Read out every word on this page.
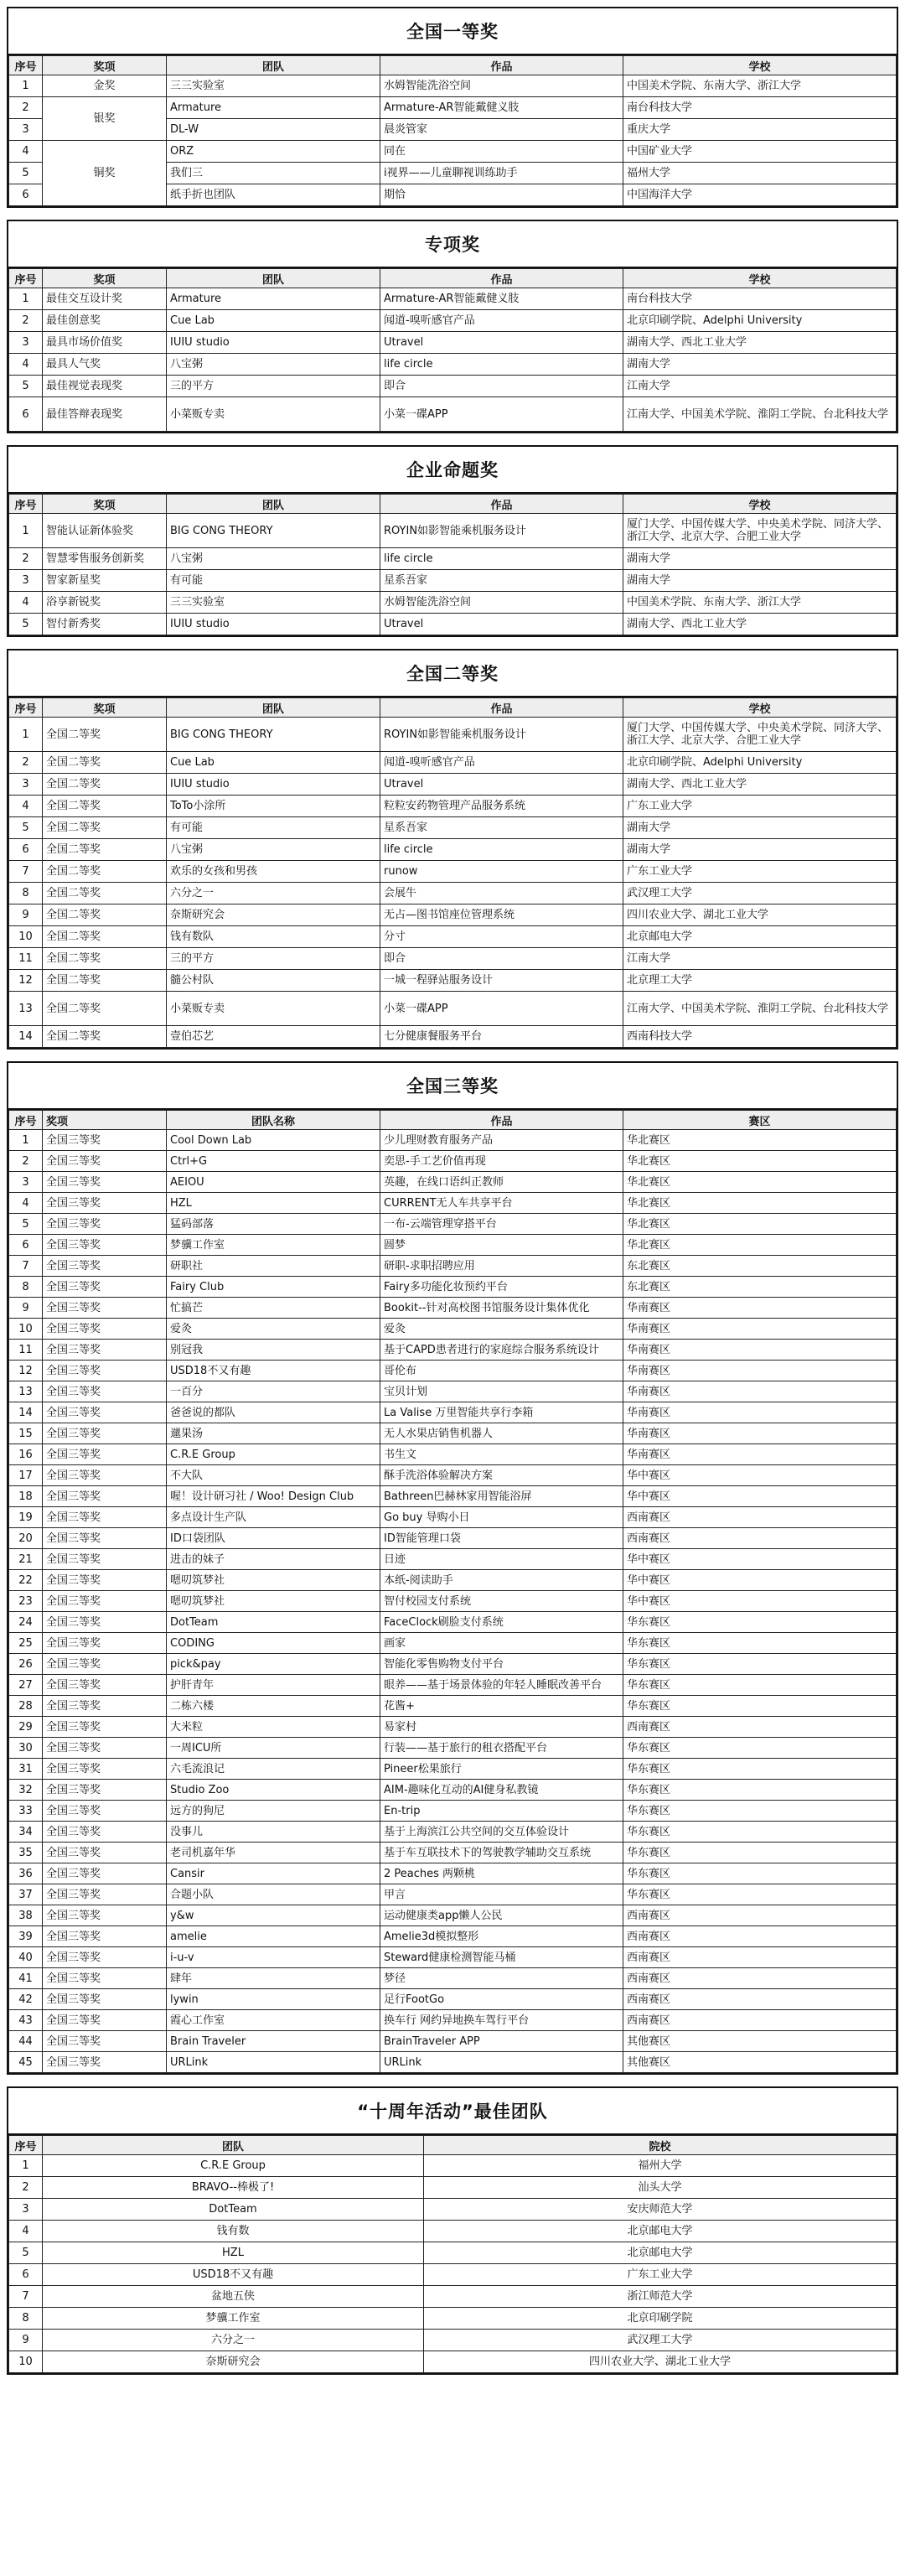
全国一等奖
序号	奖项	团队	作品	学校
1	金奖	三三实验室	水姆智能洗浴空间	中国美术学院、东南大学、浙江大学
2	银奖	Armature	Armature-AR智能戴健义肢	南台科技大学
3		DL-W	晨炎管家	重庆大学
4	铜奖	ORZ	同在	中国矿业大学
5		我们三	i视界——儿童聊视训练助手	福州大学
6		纸手折也团队	期恰	中国海洋大学
专项奖
序号	奖项	团队	作品	学校
1	最佳交互设计奖	Armature	Armature-AR智能戴健义肢	南台科技大学
2	最佳创意奖	Cue Lab	闻道-嗅听感官产品	北京印刷学院、Adelphi University
3	最具市场价值奖	IUIU studio	Utravel	湖南大学、西北工业大学
4	最具人气奖	八宝粥	life circle	湖南大学
5	最佳视觉表现奖	三的平方	即合	江南大学
6	最佳答辩表现奖	小菜贩专卖	小菜一碟APP	江南大学、中国美术学院、淮阴工学院、台北科技大学
企业命题奖
序号	奖项	团队	作品	学校
1	智能认证新体验奖	BIG CONG THEORY	ROYIN如影智能乘机服务设计	厦门大学、中国传媒大学、中央美术学院、同济大学、浙江大学、北京大学、合肥工业大学
2	智慧零售服务创新奖	八宝粥	life circle	湖南大学
3	智家新星奖	有可能	星系吾家	湖南大学
4	浴享新锐奖	三三实验室	水姆智能洗浴空间	中国美术学院、东南大学、浙江大学
5	智付新秀奖	IUIU studio	Utravel	湖南大学、西北工业大学
全国二等奖
序号	奖项	团队	作品	学校
1	全国二等奖	BIG CONG THEORY	ROYIN如影智能乘机服务设计	厦门大学、中国传媒大学、中央美术学院、同济大学、浙江大学、北京大学、合肥工业大学
2	全国二等奖	Cue Lab	闻道-嗅听感官产品	北京印刷学院、Adelphi University
3	全国二等奖	IUIU studio	Utravel	湖南大学、西北工业大学
4	全国二等奖	ToTo小涂所	粒粒安药物管理产品服务系统	广东工业大学
5	全国二等奖	有可能	星系吾家	湖南大学
6	全国二等奖	八宝粥	life circle	湖南大学
7	全国二等奖	欢乐的女孩和男孩	runow	广东工业大学
8	全国二等奖	六分之一	会展牛	武汉理工大学
9	全国二等奖	奈斯研究会	无占—图书馆座位管理系统	四川农业大学、湖北工业大学
10	全国二等奖	钱有数队	分寸	北京邮电大学
11	全国二等奖	三的平方	即合	江南大学
12	全国二等奖	髓公村队	一城一程驿站服务设计	北京理工大学
13	全国二等奖	小菜贩专卖	小菜一碟APP	江南大学、中国美术学院、淮阴工学院、台北科技大学
14	全国二等奖	壹伯芯艺	七分健康餐服务平台	西南科技大学
全国三等奖
序号	奖项	团队名称	作品	赛区
1	全国三等奖	Cool Down Lab	少儿理财教育服务产品	华北赛区
2	全国三等奖	Ctrl+G	奕思-手工艺价值再现	华北赛区
3	全国三等奖	AEIOU	英趣，在线口语纠正教师	华北赛区
4	全国三等奖	HZL	CURRENT无人车共享平台	华北赛区
5	全国三等奖	猛码部落	一布-云端管理穿搭平台	华北赛区
6	全国三等奖	梦骥工作室	圆梦	华北赛区
7	全国三等奖	研职社	研职-求职招聘应用	东北赛区
8	全国三等奖	Fairy Club	Fairy多功能化妆预约平台	东北赛区
9	全国三等奖	忙搞芒	Bookit--针对高校图书馆服务设计集体优化	华南赛区
10	全国三等奖	爱灸	爱灸	华南赛区
11	全国三等奖	别冠我	基于CAPD患者进行的家庭综合服务系统设计	华南赛区
12	全国三等奖	USD18不又有趣	哥伦布	华南赛区
13	全国三等奖	一百分	宝贝计划	华南赛区
14	全国三等奖	爸爸说的都队	La Valise 万里智能共享行李箱	华南赛区
15	全国三等奖	邋果汤	无人水果店销售机器人	华南赛区
16	全国三等奖	C.R.E Group	书生文	华南赛区
17	全国三等奖	不大队	酥手洗浴体验解决方案	华中赛区
18	全国三等奖	喔！设计研习社 / Woo! Design Club	Bathreen巴赫林家用智能浴屏	华中赛区
19	全国三等奖	多点设计生产队	Go buy 导购小日	西南赛区
20	全国三等奖	ID口袋团队	ID智能管理口袋	西南赛区
21	全国三等奖	进击的妹子	日迹	华中赛区
22	全国三等奖	嗯叨筑梦社	本纸-阅读助手	华中赛区
23	全国三等奖	嗯叨筑梦社	智付校园支付系统	华中赛区
24	全国三等奖	DotTeam	FaceClock刷脸支付系统	华东赛区
25	全国三等奖	CODING	画家	华东赛区
26	全国三等奖	pick&pay	智能化零售购物支付平台	华东赛区
27	全国三等奖	护肝青年	眼养——基于场景体验的年轻人睡眠改善平台	华东赛区
28	全国三等奖	二栋六楼	花酱+	华东赛区
29	全国三等奖	大米粒	易家村	西南赛区
30	全国三等奖	一周ICU所	行装——基于旅行的租衣搭配平台	华东赛区
31	全国三等奖	六毛流浪记	Pineer松果旅行	华东赛区
32	全国三等奖	Studio Zoo	AIM-趣味化互动的AI健身私教镜	华东赛区
33	全国三等奖	远方的狗尼	En-trip	华东赛区
34	全国三等奖	没事儿	基于上海滨江公共空间的交互体验设计	华东赛区
35	全国三等奖	老司机嘉年华	基于车互联技术下的驾驶教学辅助交互系统	华东赛区
36	全国三等奖	Cansir	2 Peaches 两颗桃	华东赛区
37	全国三等奖	合题小队	甲言	华东赛区
38	全国三等奖	y&w	运动健康类app懒人公民	西南赛区
39	全国三等奖	amelie	Amelie3d模拟整形	西南赛区
40	全国三等奖	i-u-v	Steward健康检测智能马桶	西南赛区
41	全国三等奖	肆年	梦径	西南赛区
42	全国三等奖	lywin	足行FootGo	西南赛区
43	全国三等奖	霞心工作室	换车行 网约异地换车驾行平台	西南赛区
44	全国三等奖	Brain Traveler	BrainTraveler APP	其他赛区
45	全国三等奖	URLink	URLink	其他赛区
“十周年活动”最佳团队
序号	团队	院校
1	C.R.E Group	福州大学
2	BRAVO--棒极了!	汕头大学
3	DotTeam	安庆师范大学
4	钱有数	北京邮电大学
5	HZL	北京邮电大学
6	USD18不又有趣	广东工业大学
7	盆地五侠	浙江师范大学
8	梦骥工作室	北京印刷学院
9	六分之一	武汉理工大学
10	奈斯研究会	四川农业大学、湖北工业大学
